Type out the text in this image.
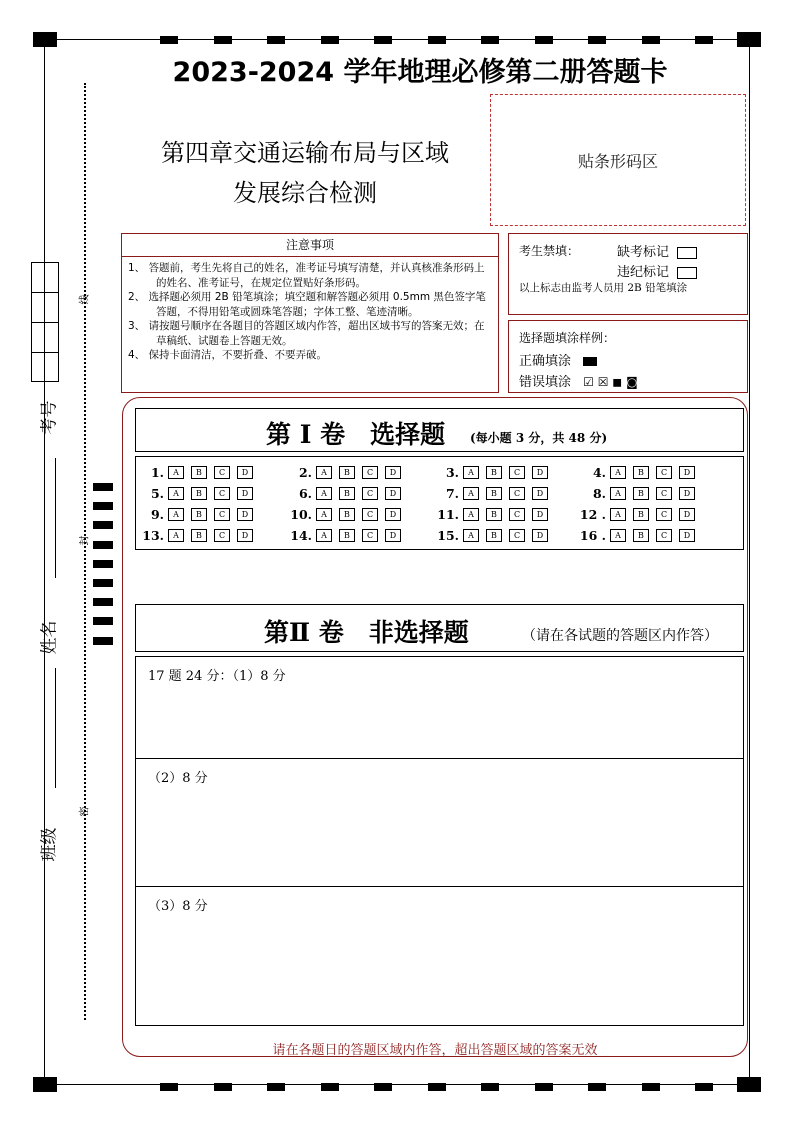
2023-2024 学年地理必修第二册答题卡
第四章交通运输布局与区域
发展综合检测
贴条形码区
注意事项
1、 答题前，考生先将自己的姓名，准考证号填写清楚，并认真核准条形码上的姓名、准考证号，在规定位置贴好条形码。
2、 选择题必须用 2B 铅笔填涂；填空题和解答题必须用 0.5mm 黑色签字笔答题，不得用铅笔或圆珠笔答题；字体工整、笔迹清晰。
3、 请按题号顺序在各题目的答题区域内作答，超出区域书写的答案无效；在草稿纸、试题卷上答题无效。
4、 保持卡面清洁，不要折叠、不要弄破。
考生禁填：	缺考标记
违纪标记
以上标志由监考人员用 2B 铅笔填涂
选择题填涂样例：
正确填涂
错误填涂 ☑ ☒ ◼ ◙
考号
姓名
班级
线
封
密
第 I 卷　选择题 (每小题 3 分，共 48 分)
1.	A	B	C	D	2.	A	B	C	D	3.	A	B	C	D	4.	A	B	C	D
5.	A	B	C	D	6.	A	B	C	D	7.	A	B	C	D	8.	A	B	C	D
9.	A	B	C	D	10.	A	B	C	D	11.	A	B	C	D	12 .	A	B	C	D
13.	A	B	C	D	14.	A	B	C	D	15.	A	B	C	D	16 .	A	B	C	D
第Ⅱ 卷　非选择题	（请在各试题的答题区内作答）
17 题 24 分：（1）8 分
（2）8 分
（3）8 分
请在各题日的答题区域内作答，超出答题区域的答案无效
